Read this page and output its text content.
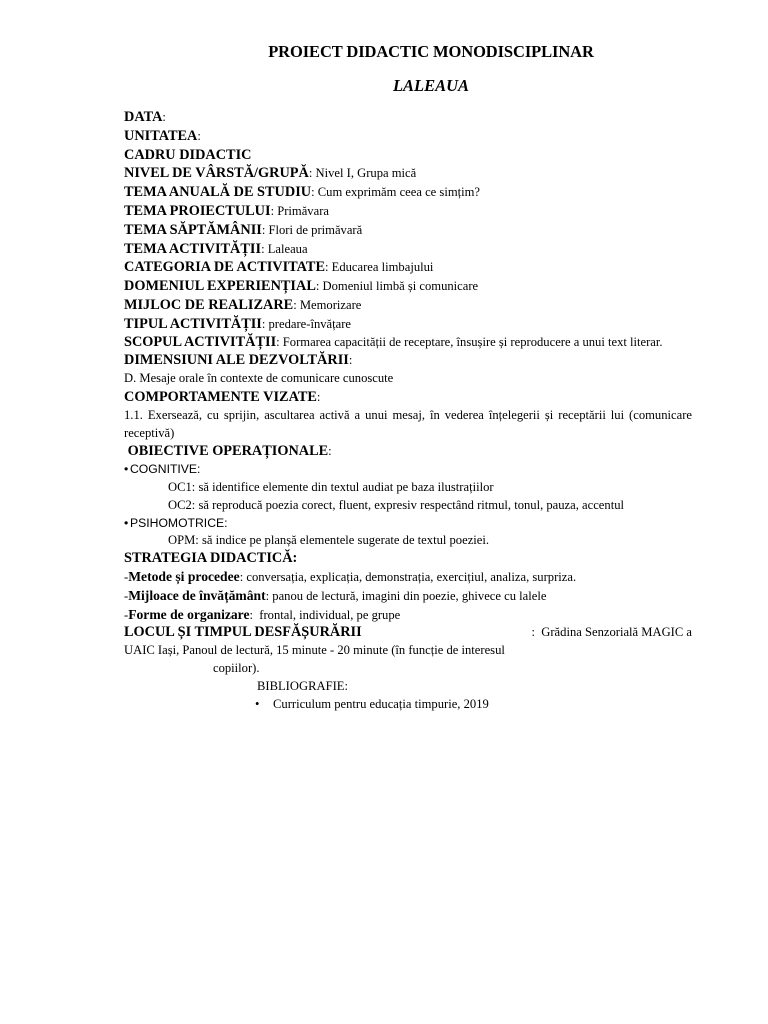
PROIECT DIDACTIC MONODISCIPLINAR
LALEAUA
DATA:
UNITATEA:
CADRU DIDACTIC
NIVEL DE VÂRSTĂ/GRUPĂ: Nivel I, Grupa mică
TEMA ANUALĂ DE STUDIU: Cum exprimăm ceea ce simțim?
TEMA PROIECTULUI: Primăvara
TEMA SĂPTĂMÂNII: Flori de primăvară
TEMA ACTIVITĂȚII: Laleaua
CATEGORIA DE ACTIVITATE: Educarea limbajului
DOMENIUL EXPERIENȚIAL: Domeniul limbă și comunicare
MIJLOC DE REALIZARE: Memorizare
TIPUL ACTIVITĂȚII: predare-învățare
SCOPUL ACTIVITĂȚII: Formarea capacității de receptare, însușire și reproducere a unui text literar.
DIMENSIUNI ALE DEZVOLTĂRII:
D. Mesaje orale în contexte de comunicare cunoscute
COMPORTAMENTE VIZATE:
1.1. Exersează, cu sprijin, ascultarea activă a unui mesaj, în vederea înțelegerii și receptării lui (comunicare receptivă)
OBIECTIVE OPERAȚIONALE:
• COGNITIVE:
OC1: să identifice elemente din textul audiat pe baza ilustrațiilor
OC2: să reproducă poezia corect, fluent, expresiv respectând ritmul, tonul, pauza, accentul
• PSIHOMOTRICE:
OPM: să indice pe planșă elementele sugerate de textul poeziei.
STRATEGIA DIDACTICĂ:
-Metode și procedee: conversația, explicația, demonstrația, exercițiul, analiza, surpriza.
-Mijloace de învățământ: panou de lectură, imagini din poezie, ghivece cu lalele
-Forme de organizare:  frontal, individual, pe grupe
LOCUL ȘI TIMPUL DESFĂȘURĂRII	:  Grădina Senzorială MAGIC a
UAIC Iași, Panoul de lectură, 15 minute - 20 minute (în funcție de interesul
copiilor).
BIBLIOGRAFIE:
• Curriculum pentru educația timpurie, 2019
